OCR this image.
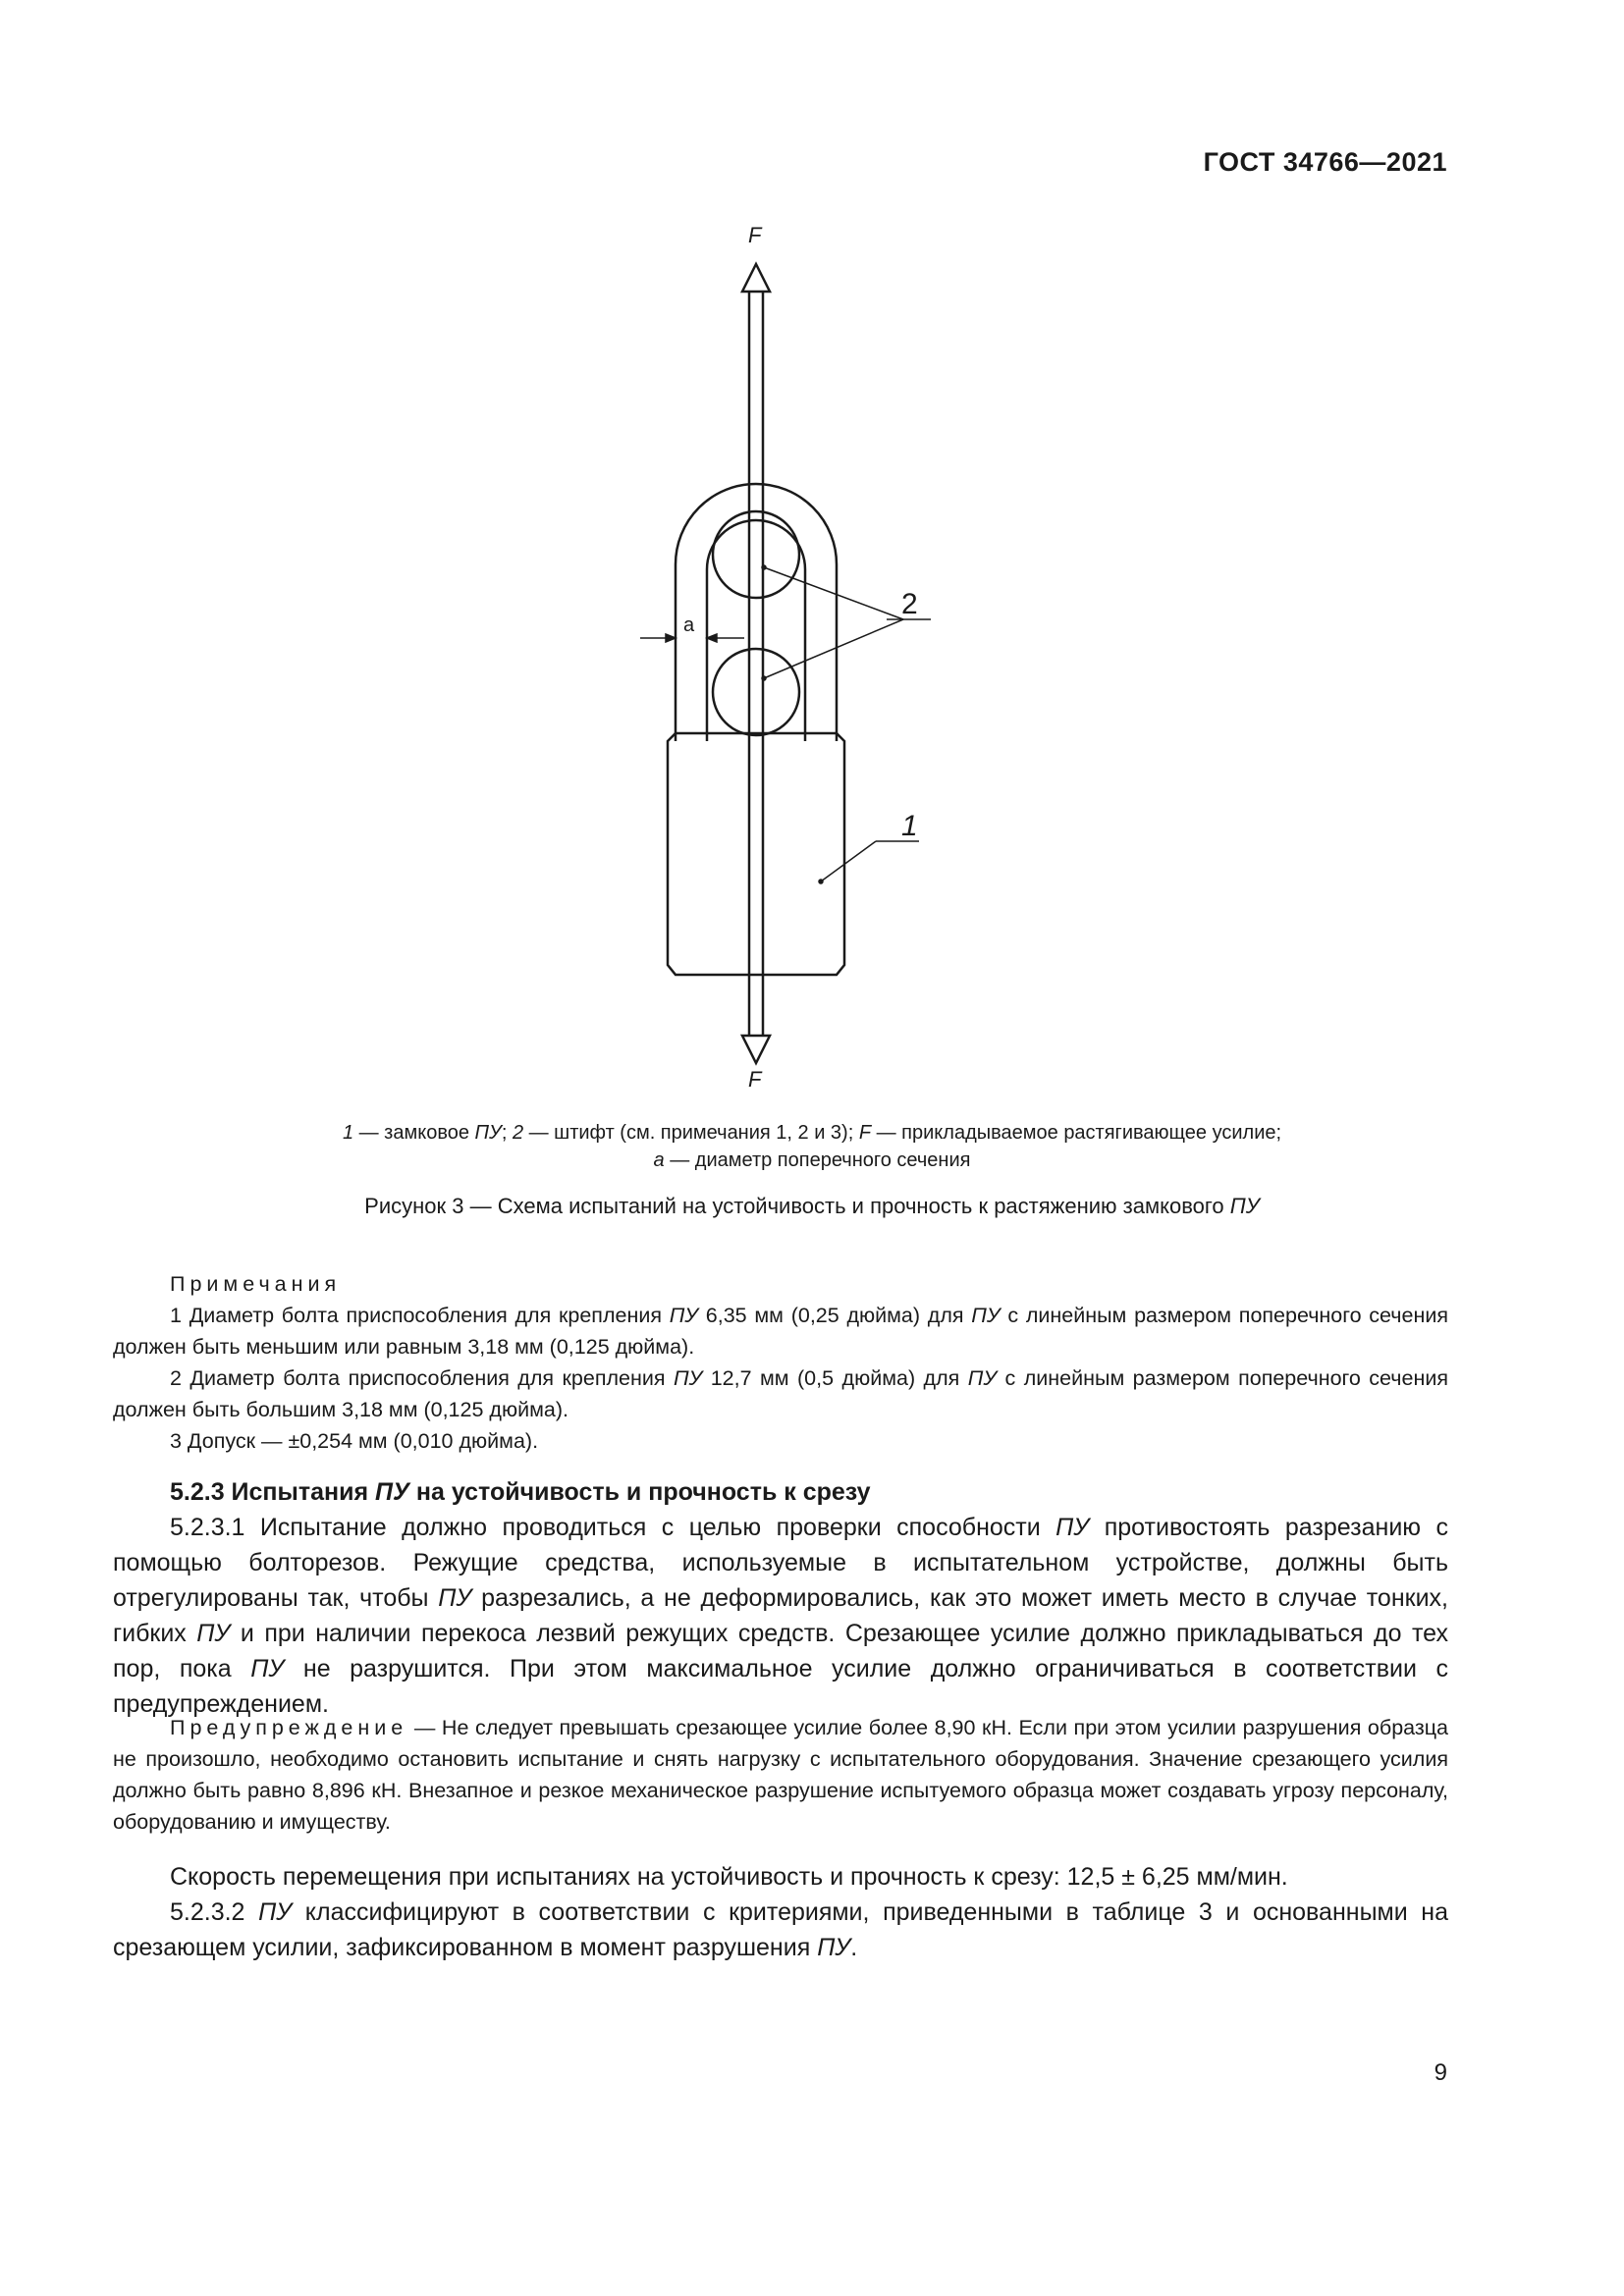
ГОСТ 34766—2021
F
F
a
2
1
1 — замковое ПУ; 2 — штифт (см. примечания 1, 2 и 3); F — прикладываемое растягивающее усилие;
a — диаметр поперечного сечения
Рисунок 3 — Схема испытаний на устойчивость и прочность к растяжению замкового ПУ

Примечания

1 Диаметр болта приспособления для крепления ПУ 6,35 мм (0,25 дюйма) для ПУ с линейным размером поперечного сечения должен быть меньшим или равным 3,18 мм (0,125 дюйма).

2 Диаметр болта приспособления для крепления ПУ 12,7 мм (0,5 дюйма) для ПУ с линейным размером поперечного сечения должен быть большим 3,18 мм (0,125 дюйма).

3 Допуск — ±0,254 мм (0,010 дюйма).

5.2.3 Испытания ПУ на устойчивость и прочность к срезу

5.2.3.1 Испытание должно проводиться с целью проверки способности ПУ противостоять разрезанию с помощью болторезов. Режущие средства, используемые в испытательном устройстве, должны быть отрегулированы так, чтобы ПУ разрезались, а не деформировались, как это может иметь место в случае тонких, гибких ПУ и при наличии перекоса лезвий режущих средств. Срезающее усилие должно прикладываться до тех пор, пока ПУ не разрушится. При этом максимальное усилие должно ограничиваться в соответствии с предупреждением.

Предупреждение — Не следует превышать срезающее усилие более 8,90 кН. Если при этом усилии разрушения образца не произошло, необходимо остановить испытание и снять нагрузку с испытательного оборудования. Значение срезающего усилия должно быть равно 8,896 кН. Внезапное и резкое механическое разрушение испытуемого образца может создавать угрозу персоналу, оборудованию и имуществу.

Скорость перемещения при испытаниях на устойчивость и прочность к срезу: 12,5 ± 6,25 мм/мин.

5.2.3.2 ПУ классифицируют в соответствии с критериями, приведенными в таблице 3 и основанными на срезающем усилии, зафиксированном в момент разрушения ПУ.

9
